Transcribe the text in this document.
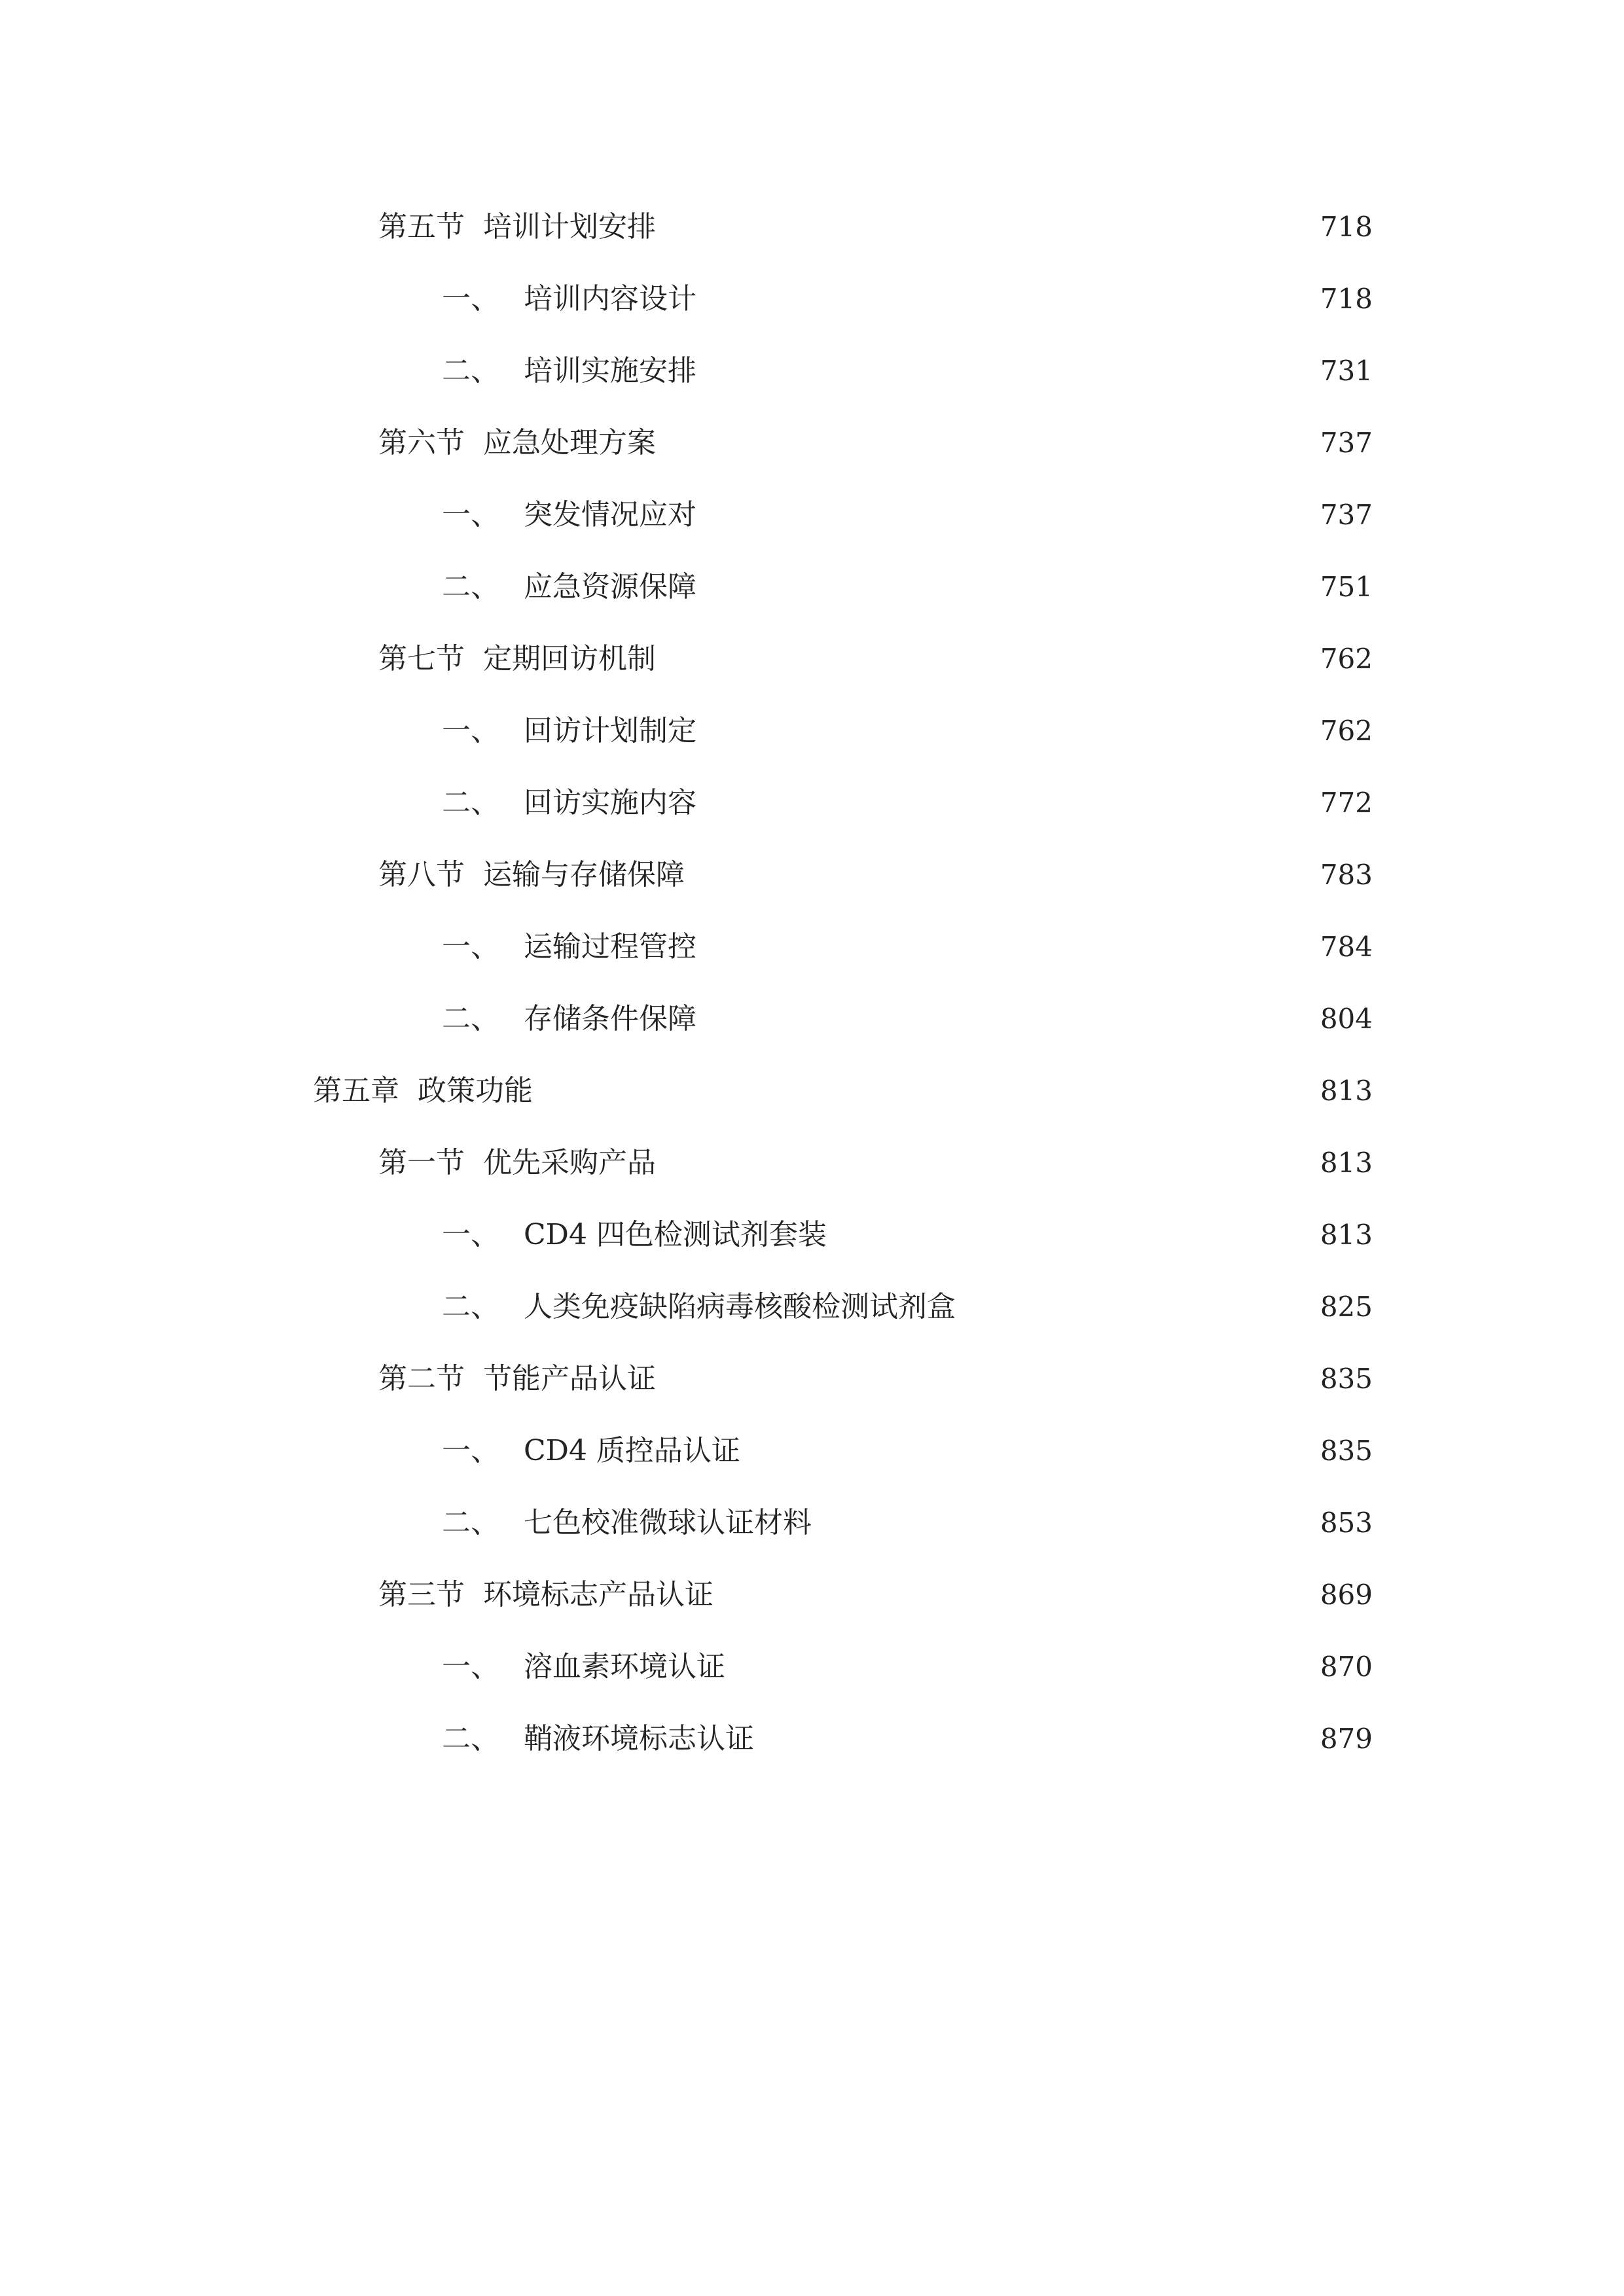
第五节 培训计划安排	718
一、 培训内容设计	718
二、 培训实施安排	731
第六节 应急处理方案	737
一、 突发情况应对	737
二、 应急资源保障	751
第七节 定期回访机制	762
一、 回访计划制定	762
二、 回访实施内容	772
第八节 运输与存储保障	783
一、 运输过程管控	784
二、 存储条件保障	804
第五章 政策功能	813
第一节 优先采购产品	813
一、 CD4 四色检测试剂套装	813
二、 人类免疫缺陷病毒核酸检测试剂盒	825
第二节 节能产品认证	835
一、 CD4 质控品认证	835
二、 七色校准微球认证材料	853
第三节 环境标志产品认证	869
一、 溶血素环境认证	870
二、 鞘液环境标志认证	879
